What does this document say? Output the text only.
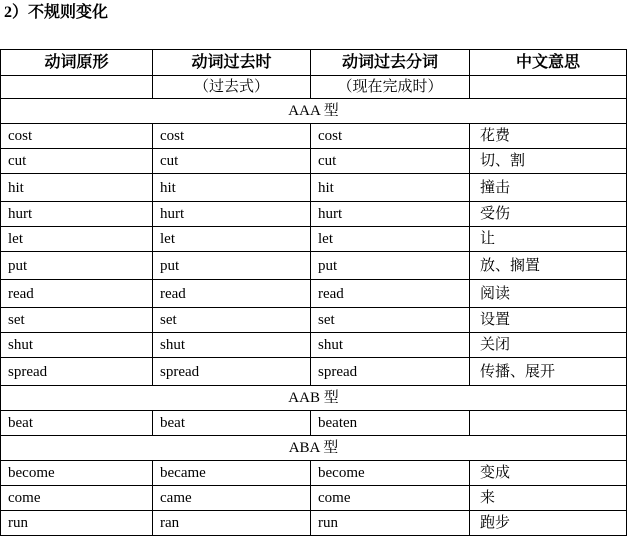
2）不规则变化
动词原形	动词过去时	动词过去分词	中文意思
	（过去式）	（现在完成时）	
AAA 型			
cost	cost	cost	花费
cut	cut	cut	切、割
hit	hit	hit	撞击
hurt	hurt	hurt	受伤
let	let	let	让
put	put	put	放、搁置
read	read	read	阅读
set	set	set	设置
shut	shut	shut	关闭
spread	spread	spread	传播、展开
AAB 型			
beat	beat	beaten	
ABA 型			
become	became	become	变成
come	came	come	来
run	ran	run	跑步
